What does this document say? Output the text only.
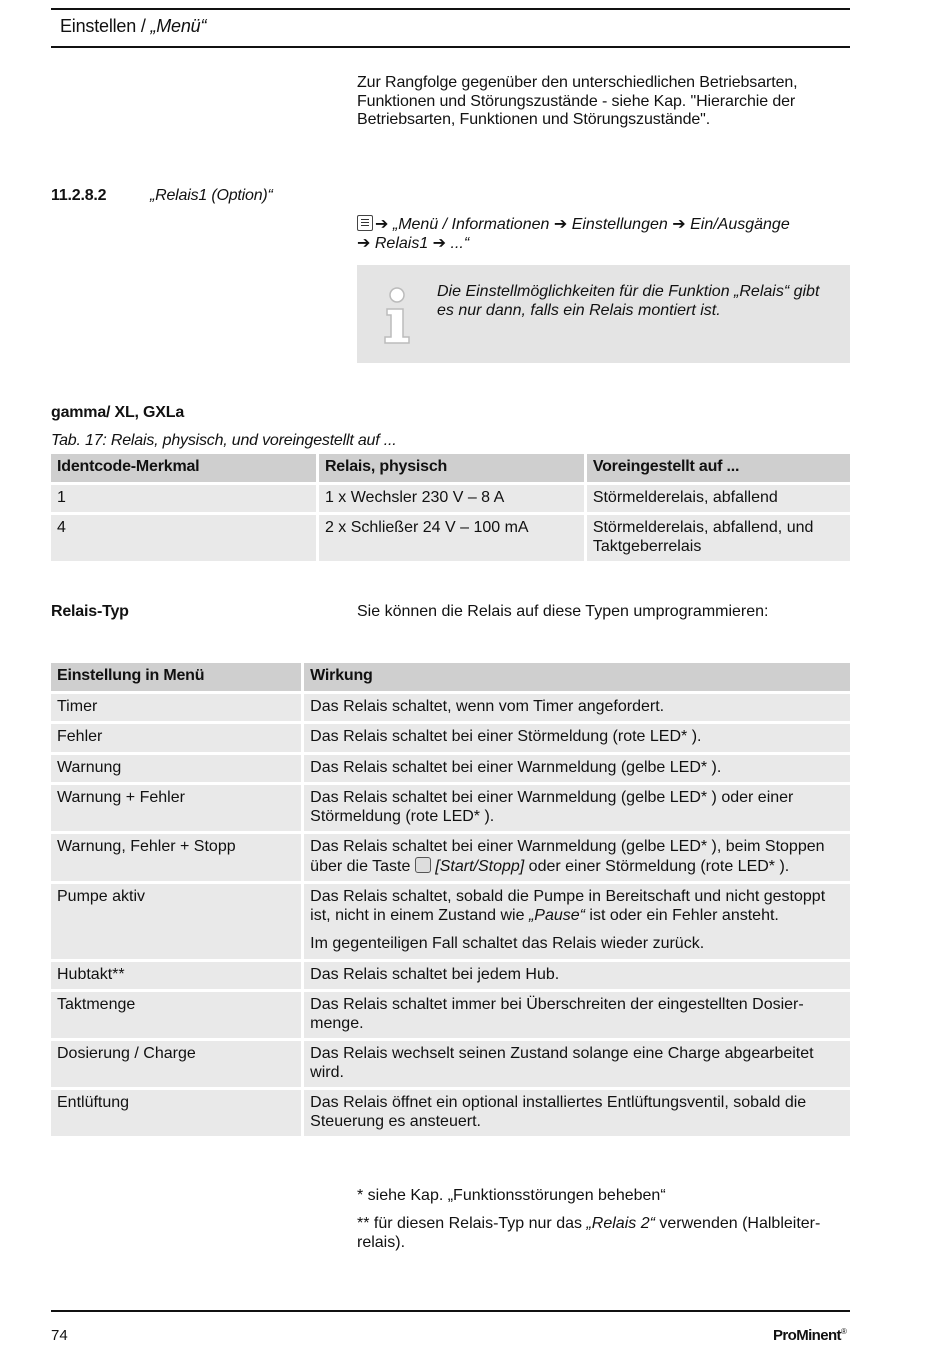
Einstellen / „Menü“
Zur Rangfolge gegenüber den unterschiedlichen Betriebsarten, Funktionen und Störungszustände - siehe Kap. "Hierarchie der Betriebsarten, Funktionen und Störungszustände".
11.2.8.2	„Relais1 (Option)“
➔ „Menü / Informationen ➔ Einstellungen ➔ Ein/Ausgänge
➔ Relais1 ➔ ...“
Die Einstellmöglichkeiten für die Funktion „Relais“ gibt es nur dann, falls ein Relais montiert ist.
gamma/ XL, GXLa
Tab. 17: Relais, physisch, und voreingestellt auf ...
Identcode-Merkmal	Relais, physisch	Voreingestellt auf ...
1	1 x Wechsler 230 V – 8 A	Störmelderelais, abfallend
4	2 x Schließer 24 V – 100 mA	Störmelderelais, abfallend, und Taktgeberrelais
Relais-Typ	Sie können die Relais auf diese Typen umprogrammieren:
Einstellung in Menü	Wirkung
Timer	Das Relais schaltet, wenn vom Timer angefordert.
Fehler	Das Relais schaltet bei einer Störmeldung (rote LED* ).
Warnung	Das Relais schaltet bei einer Warnmeldung (gelbe LED* ).
Warnung + Fehler	Das Relais schaltet bei einer Warnmeldung (gelbe LED* ) oder einer Störmeldung (rote LED* ).
Warnung, Fehler + Stopp	Das Relais schaltet bei einer Warnmeldung (gelbe LED* ), beim Stoppen über die Taste  [Start/Stopp] oder einer Störmeldung (rote LED* ).
Pumpe aktiv	Das Relais schaltet, sobald die Pumpe in Bereitschaft und nicht gestoppt ist, nicht in einem Zustand wie „Pause“ ist oder ein Fehler ansteht.
Im gegenteiligen Fall schaltet das Relais wieder zurück.

Hubtakt**	Das Relais schaltet bei jedem Hub.
Taktmenge	Das Relais schaltet immer bei Überschreiten der eingestellten Dosier-menge.
Dosierung / Charge	Das Relais wechselt seinen Zustand solange eine Charge abgearbeitet wird.
Entlüftung	Das Relais öffnet ein optional installiertes Entlüftungsventil, sobald die Steuerung es ansteuert.
* siehe Kap. „Funktionsstörungen beheben“
** für diesen Relais-Typ nur das „Relais 2“ verwenden (Halbleiter-relais).
74	ProMinent®
